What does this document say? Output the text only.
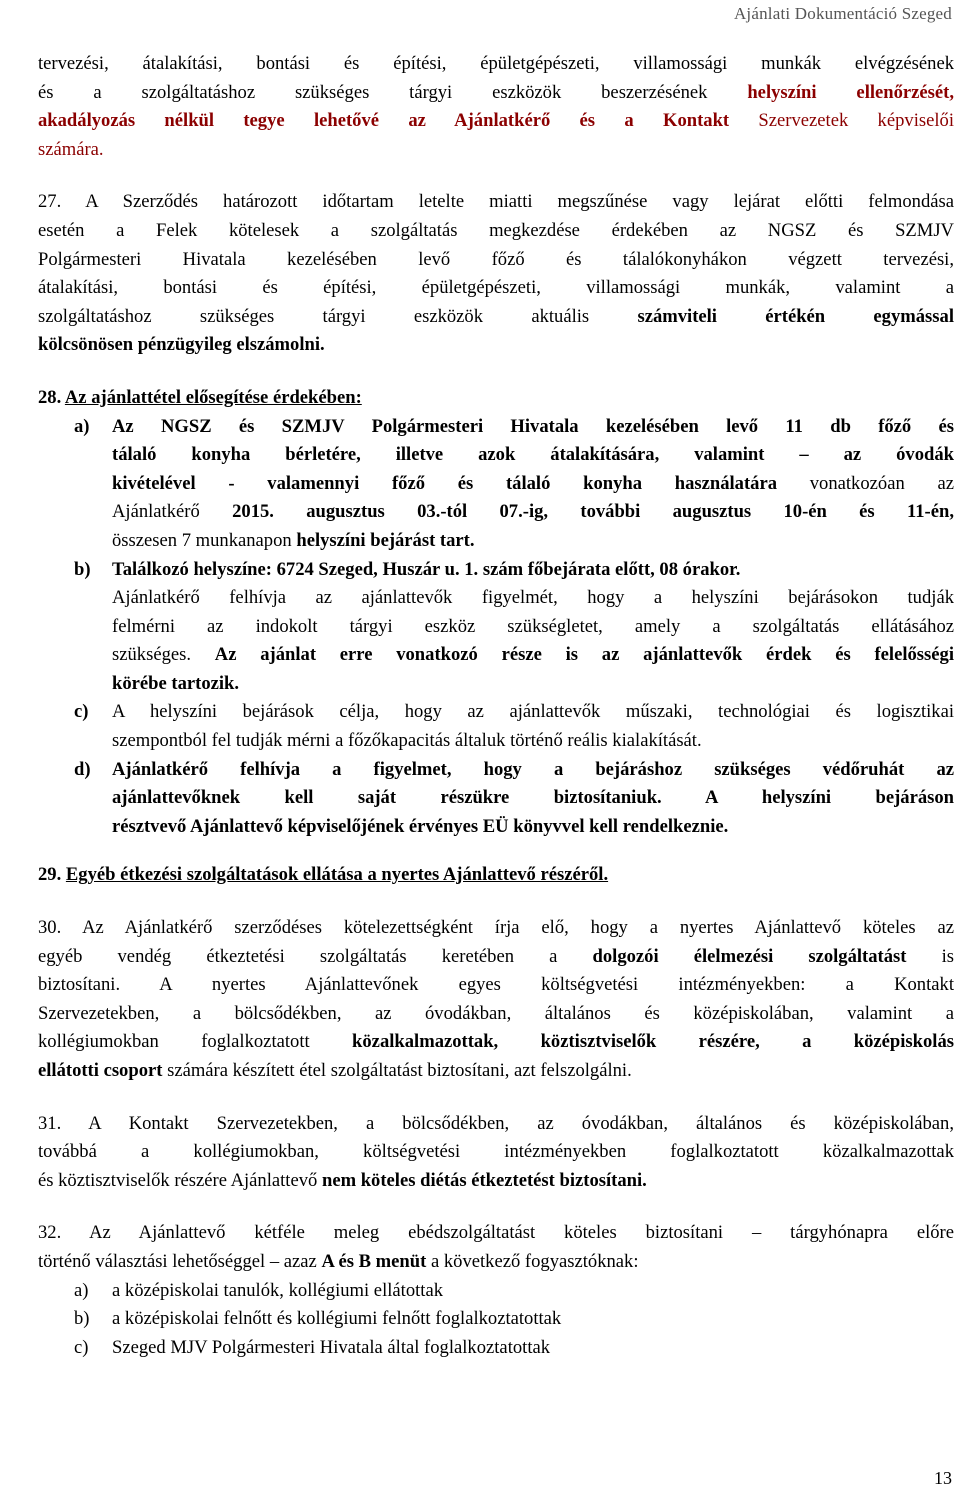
Ajánlati Dokumentáció Szeged
tervezési, átalakítási, bontási és építési, épületgépészeti, villamossági munkák elvégzésének
és a szolgáltatáshoz szükséges tárgyi eszközök beszerzésének helyszíni ellenőrzését,
akadályozás nélkül tegye lehetővé az Ajánlatkérő és a Kontakt Szervezetek képviselői
számára.
27. A Szerződés határozott időtartam letelte miatti megszűnése vagy lejárat előtti felmondása
esetén a Felek kötelesek a szolgáltatás megkezdése érdekében az NGSZ és SZMJV
Polgármesteri Hivatala kezelésében levő főző és tálalókonyhákon végzett tervezési,
átalakítási, bontási és építési, épületgépészeti, villamossági munkák, valamint a
szolgáltatáshoz szükséges tárgyi eszközök aktuális számviteli értékén egymással
kölcsönösen pénzügyileg elszámolni.
28. Az ajánlattétel elősegítése érdekében:
a) Az NGSZ és SZMJV Polgármesteri Hivatala kezelésében levő 11 db főző és
tálaló konyha bérletére, illetve azok átalakítására, valamint – az óvodák
kivételével - valamennyi főző és tálaló konyha használatára vonatkozóan az
Ajánlatkérő 2015. augusztus 03.-tól 07.-ig, további augusztus 10-én és 11-én,
összesen 7 munkanapon helyszíni bejárást tart.
b) Találkozó helyszíne: 6724 Szeged, Huszár u. 1. szám főbejárata előtt, 08 órakor.
Ajánlatkérő felhívja az ajánlattevők figyelmét, hogy a helyszíni bejárásokon tudják
felmérni az indokolt tárgyi eszköz szükségletet, amely a szolgáltatás ellátásához
szükséges. Az ajánlat erre vonatkozó része is az ajánlattevők érdek és felelősségi
körébe tartozik.
c) A helyszíni bejárások célja, hogy az ajánlattevők műszaki, technológiai és logisztikai
szempontból fel tudják mérni a főzőkapacitás általuk történő reális kialakítását.
d) Ajánlatkérő felhívja a figyelmet, hogy a bejáráshoz szükséges védőruhát az
ajánlattevőknek kell saját részükre biztosítaniuk. A helyszíni bejáráson
résztvevő Ajánlattevő képviselőjének érvényes EÜ könyvvel kell rendelkeznie.
29. Egyéb étkezési szolgáltatások ellátása a nyertes Ajánlattevő részéről.
30. Az Ajánlatkérő szerződéses kötelezettségként írja elő, hogy a nyertes Ajánlattevő köteles az
egyéb vendég étkeztetési szolgáltatás keretében a dolgozói élelmezési szolgáltatást is
biztosítani. A nyertes Ajánlattevőnek egyes költségvetési intézményekben: a Kontakt
Szervezetekben, a bölcsődékben, az óvodákban, általános és középiskolában, valamint a
kollégiumokban foglalkoztatott közalkalmazottak, köztisztviselők részére, a középiskolás
ellátotti csoport számára készített étel szolgáltatást biztosítani, azt felszolgálni.
31. A Kontakt Szervezetekben, a bölcsődékben, az óvodákban, általános és középiskolában,
továbbá a kollégiumokban, költségvetési intézményekben foglalkoztatott közalkalmazottak
és köztisztviselők részére Ajánlattevő nem köteles diétás étkeztetést biztosítani.
32. Az Ajánlattevő kétféle meleg ebédszolgáltatást köteles biztosítani – tárgyhónapra előre
történő választási lehetőséggel – azaz A és B menüt a következő fogyasztóknak:
a) a középiskolai tanulók, kollégiumi ellátottak
b) a középiskolai felnőtt és kollégiumi felnőtt foglalkoztatottak
c) Szeged MJV Polgármesteri Hivatala által foglalkoztatottak
13
